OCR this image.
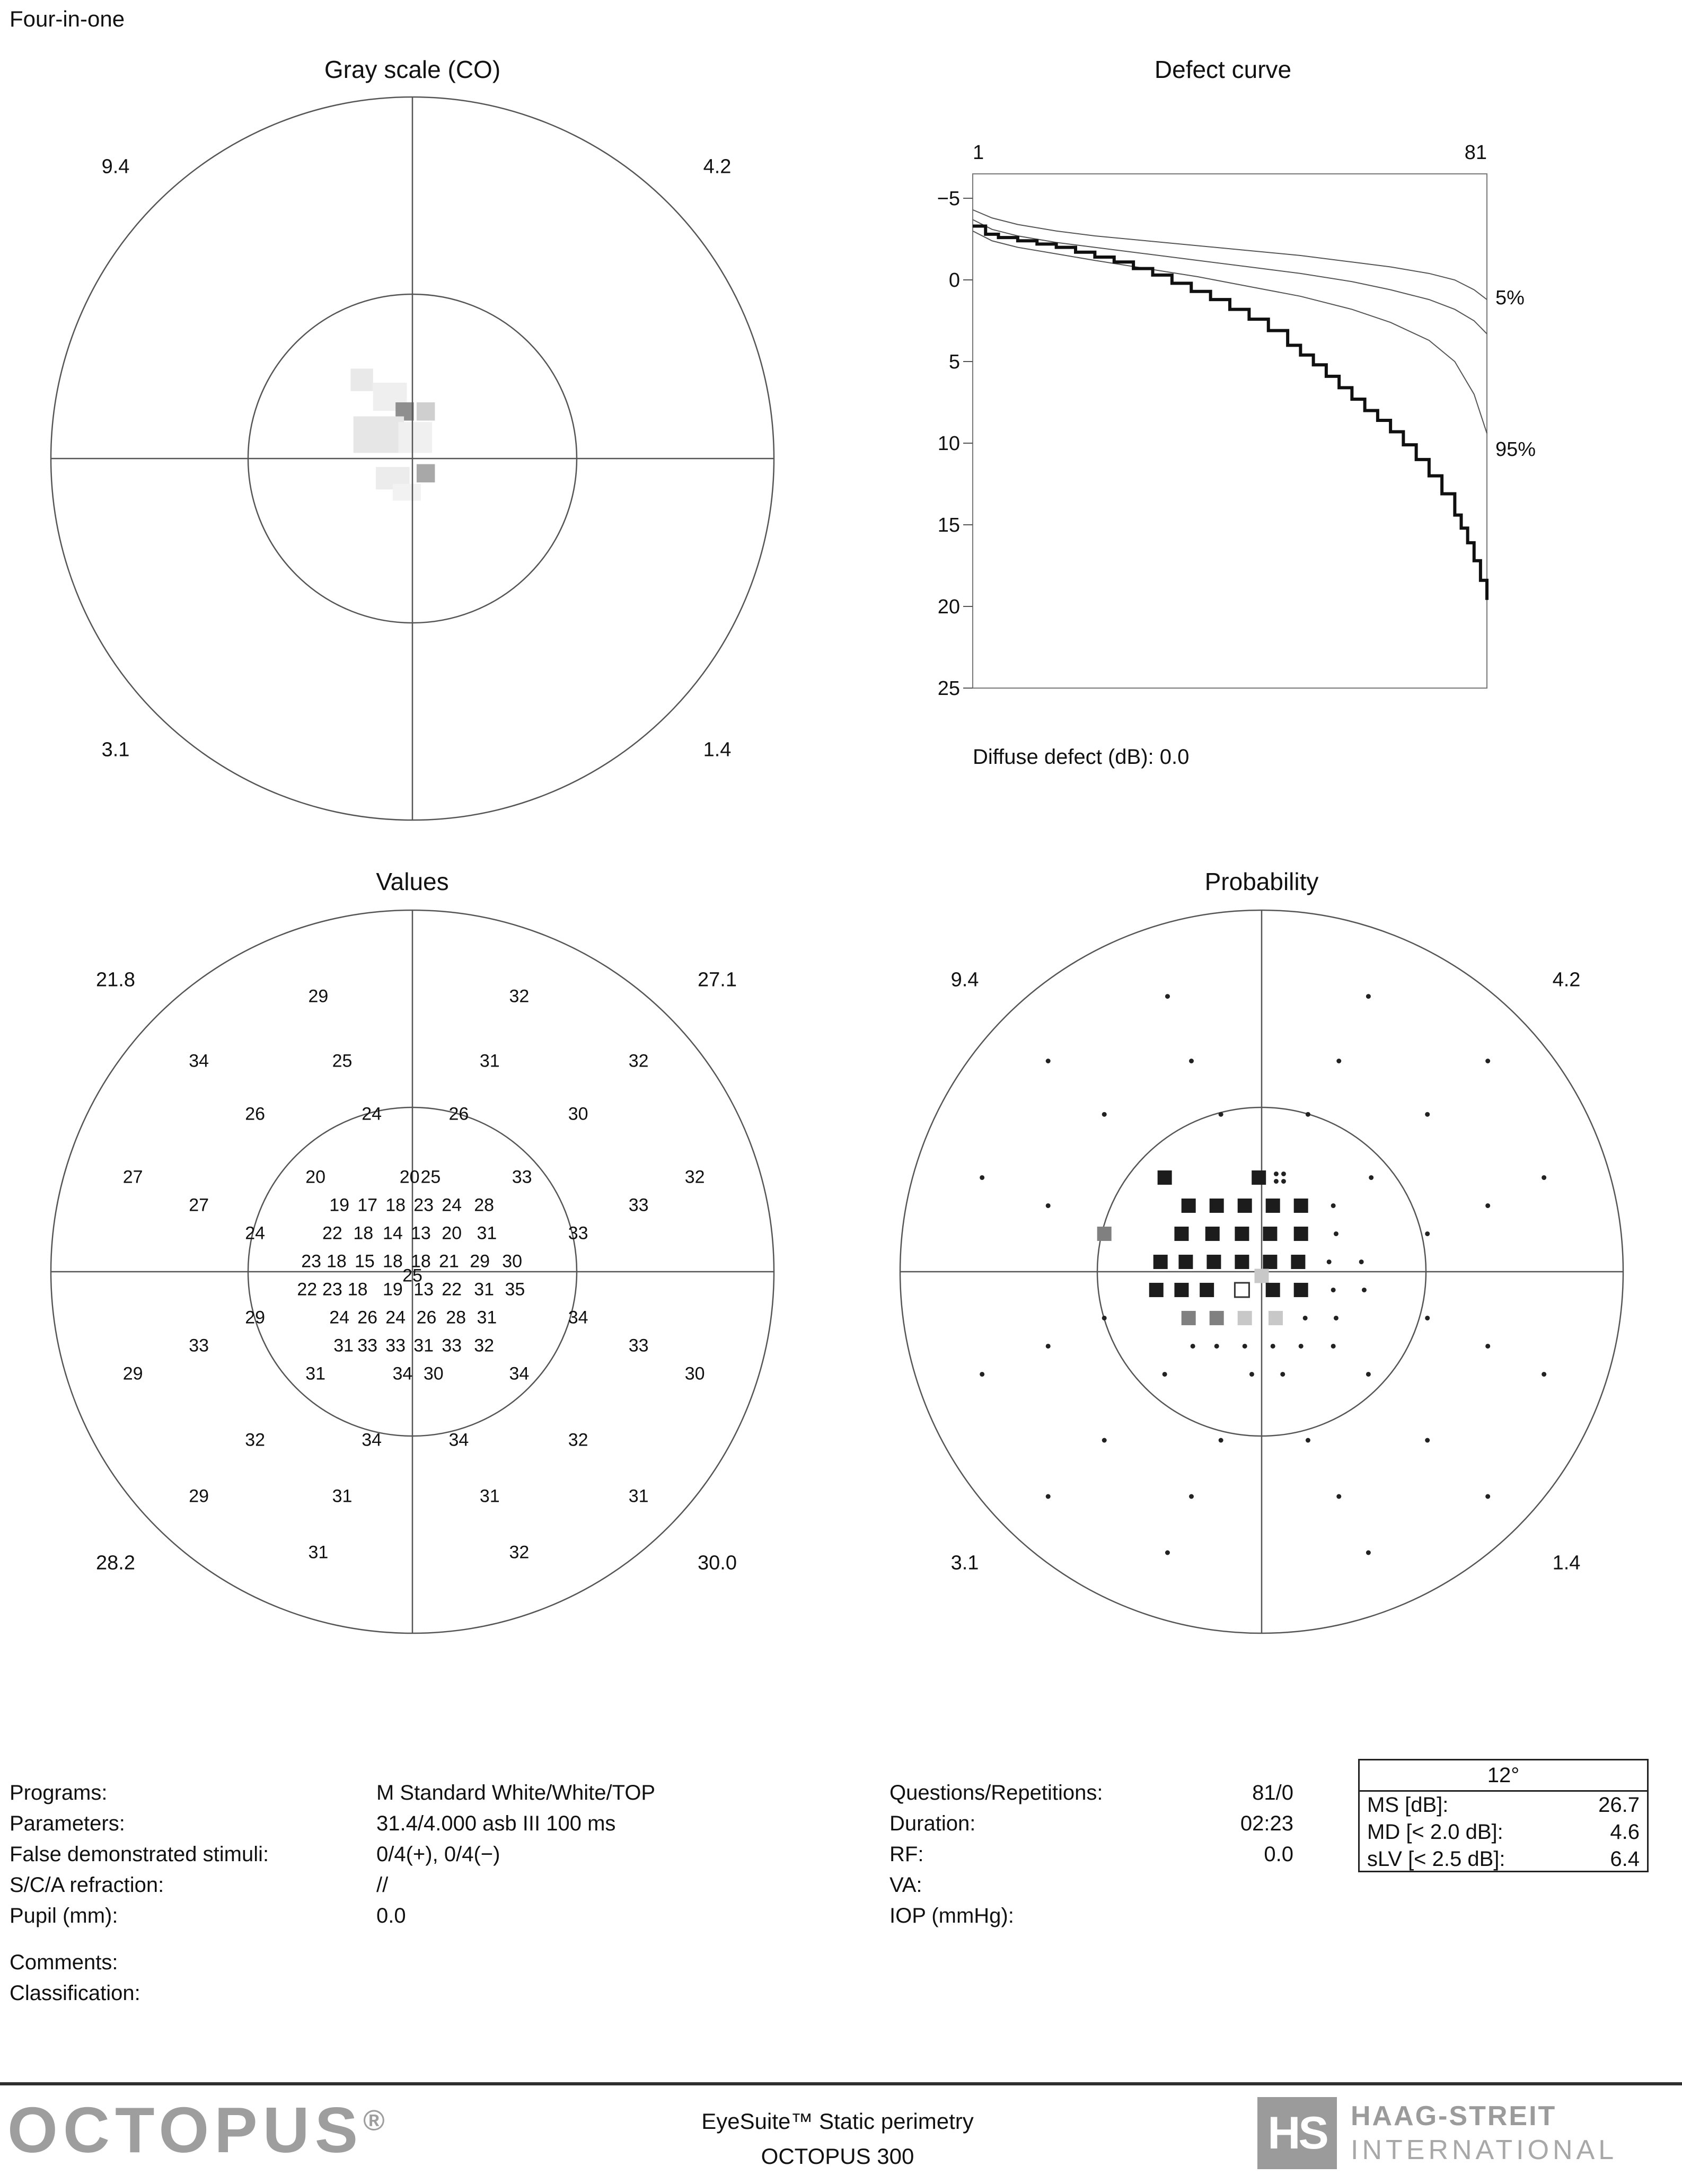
Four-in-one
Gray scale (CO)
9.4	4.2
3.1	1.4
Defect curve
−5
0
5
10
15
20
25
1	81
5%
95%
Diffuse defect (dB): 0.0
Values
29	32
34	25	31	32
26	24	26	30
27	20	20 25	33	32
27	19 17 18 23 24 28	33
24	22 18 14 13 20 31	33
23 18 15 18 18 21 29 30
25
22 23 18 19 13 22 31 35
29	24 26 24 26 28 31	34
33	31 33 33 31 33 32	33
29	31	34 30	34	30
32	34	34	32
29	31	31	31
31	32
21.8	27.1
28.2	30.0
Probability
9.4	4.2
3.1	1.4
Programs:	M Standard White/White/TOP
Parameters:	31.4/4.000 asb III 100 ms
False demonstrated stimuli:	0/4(+), 0/4(−)
S/C/A refraction:	//
Pupil (mm):	0.0
Questions/Repetitions:	81/0
Duration:	02:23
RF:	0.0
VA:
IOP (mmHg):
12°
MS [dB]:	26.7
MD [< 2.0 dB]:	4.6
sLV [< 2.5 dB]:	6.4
Comments:
Classification:
OCTOPUS®	EyeSuite™ Static perimetry
OCTOPUS 300	HS HAAG-STREIT
INTERNATIONAL
